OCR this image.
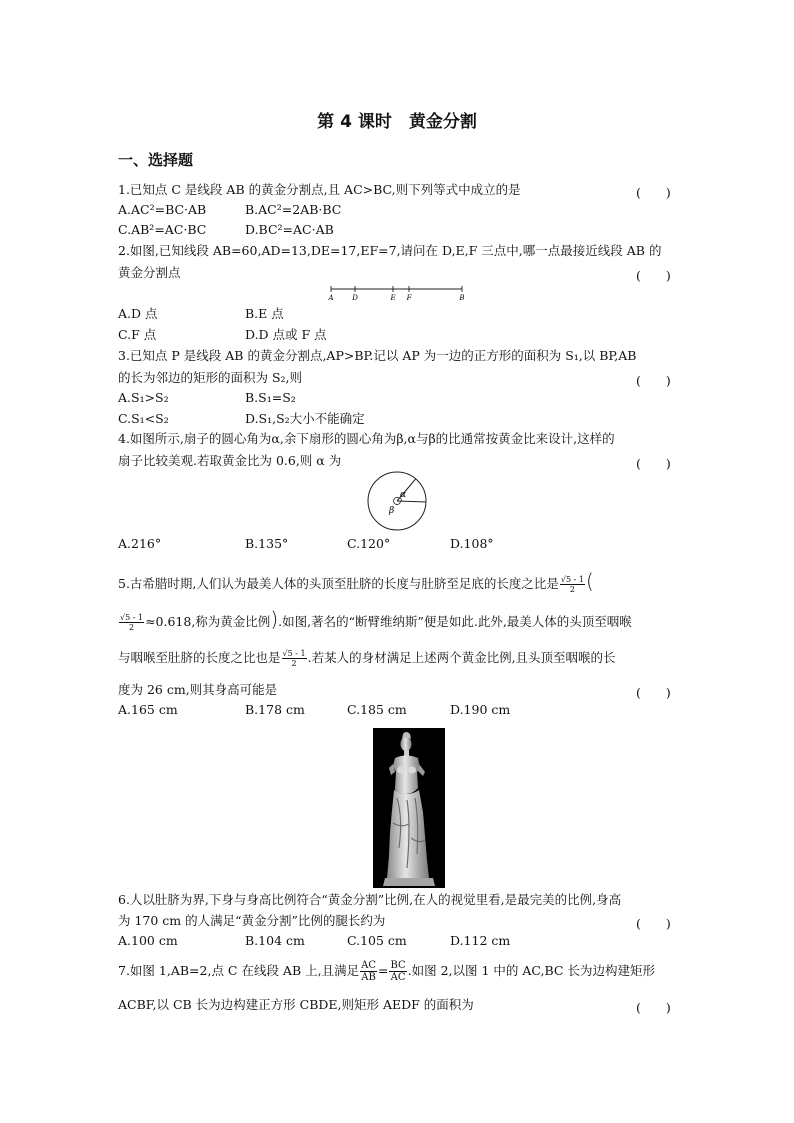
第 4 课时　黄金分割
一、选择题
1.已知点 C 是线段 AB 的黄金分割点,且 AC>BC,则下列等式中成立的是	(　　)
A.AC²=BC·AB	B.AC²=2AB·BC
C.AB²=AC·BC	D.BC²=AC·AB
2.如图,已知线段 AB=60,AD=13,DE=17,EF=7,请问在 D,E,F 三点中,哪一点最接近线段 AB 的
黄金分割点	(　　)
A	D	E F	B
A.D 点	B.E 点
C.F 点	D.D 点或 F 点
3.已知点 P 是线段 AB 的黄金分割点,AP>BP.记以 AP 为一边的正方形的面积为 S₁,以 BP,AB
的长为邻边的矩形的面积为 S₂,则	(　　)
A.S₁>S₂	B.S₁=S₂
C.S₁<S₂	D.S₁,S₂大小不能确定
4.如图所示,扇子的圆心角为α,余下扇形的圆心角为β,α与β的比通常按黄金比来设计,这样的
扇子比较美观.若取黄金比为 0.6,则 α 为	(　　)
α
β
A.216°	B.135°	C.120°	D.108°
5.古希腊时期,人们认为最美人体的头顶至肚脐的长度与肚脐至足底的长度之比是 $\frac{√5 - 1}{2}$ (
$\frac{√5 - 1}{2} \approx 0.618$,称为黄金比例).如图,著名的“断臂维纳斯”便是如此.此外,最美人体的头顶至咽喉
与咽喉至肚脐的长度之比也是 $\frac{√5 - 1}{2}$ .若某人的身材满足上述两个黄金比例,且头顶至咽喉的长
度为 26 cm,则其身高可能是	(　　)
A.165 cm	B.178 cm	C.185 cm	D.190 cm
6.人以肚脐为界,下身与身高比例符合“黄金分割”比例,在人的视觉里看,是最完美的比例,身高
为 170 cm 的人满足“黄金分割”比例的腿长约为	(　　)
A.100 cm	B.104 cm	C.105 cm	D.112 cm
7.如图 1,AB=2,点 C 在线段 AB 上,且满足 $\frac{AC}{AB} = \frac{BC}{AC}$ .如图 2,以图 1 中的 AC,BC 长为边构建矩形
ACBF,以 CB 长为边构建正方形 CBDE,则矩形 AEDF 的面积为	(　　)
